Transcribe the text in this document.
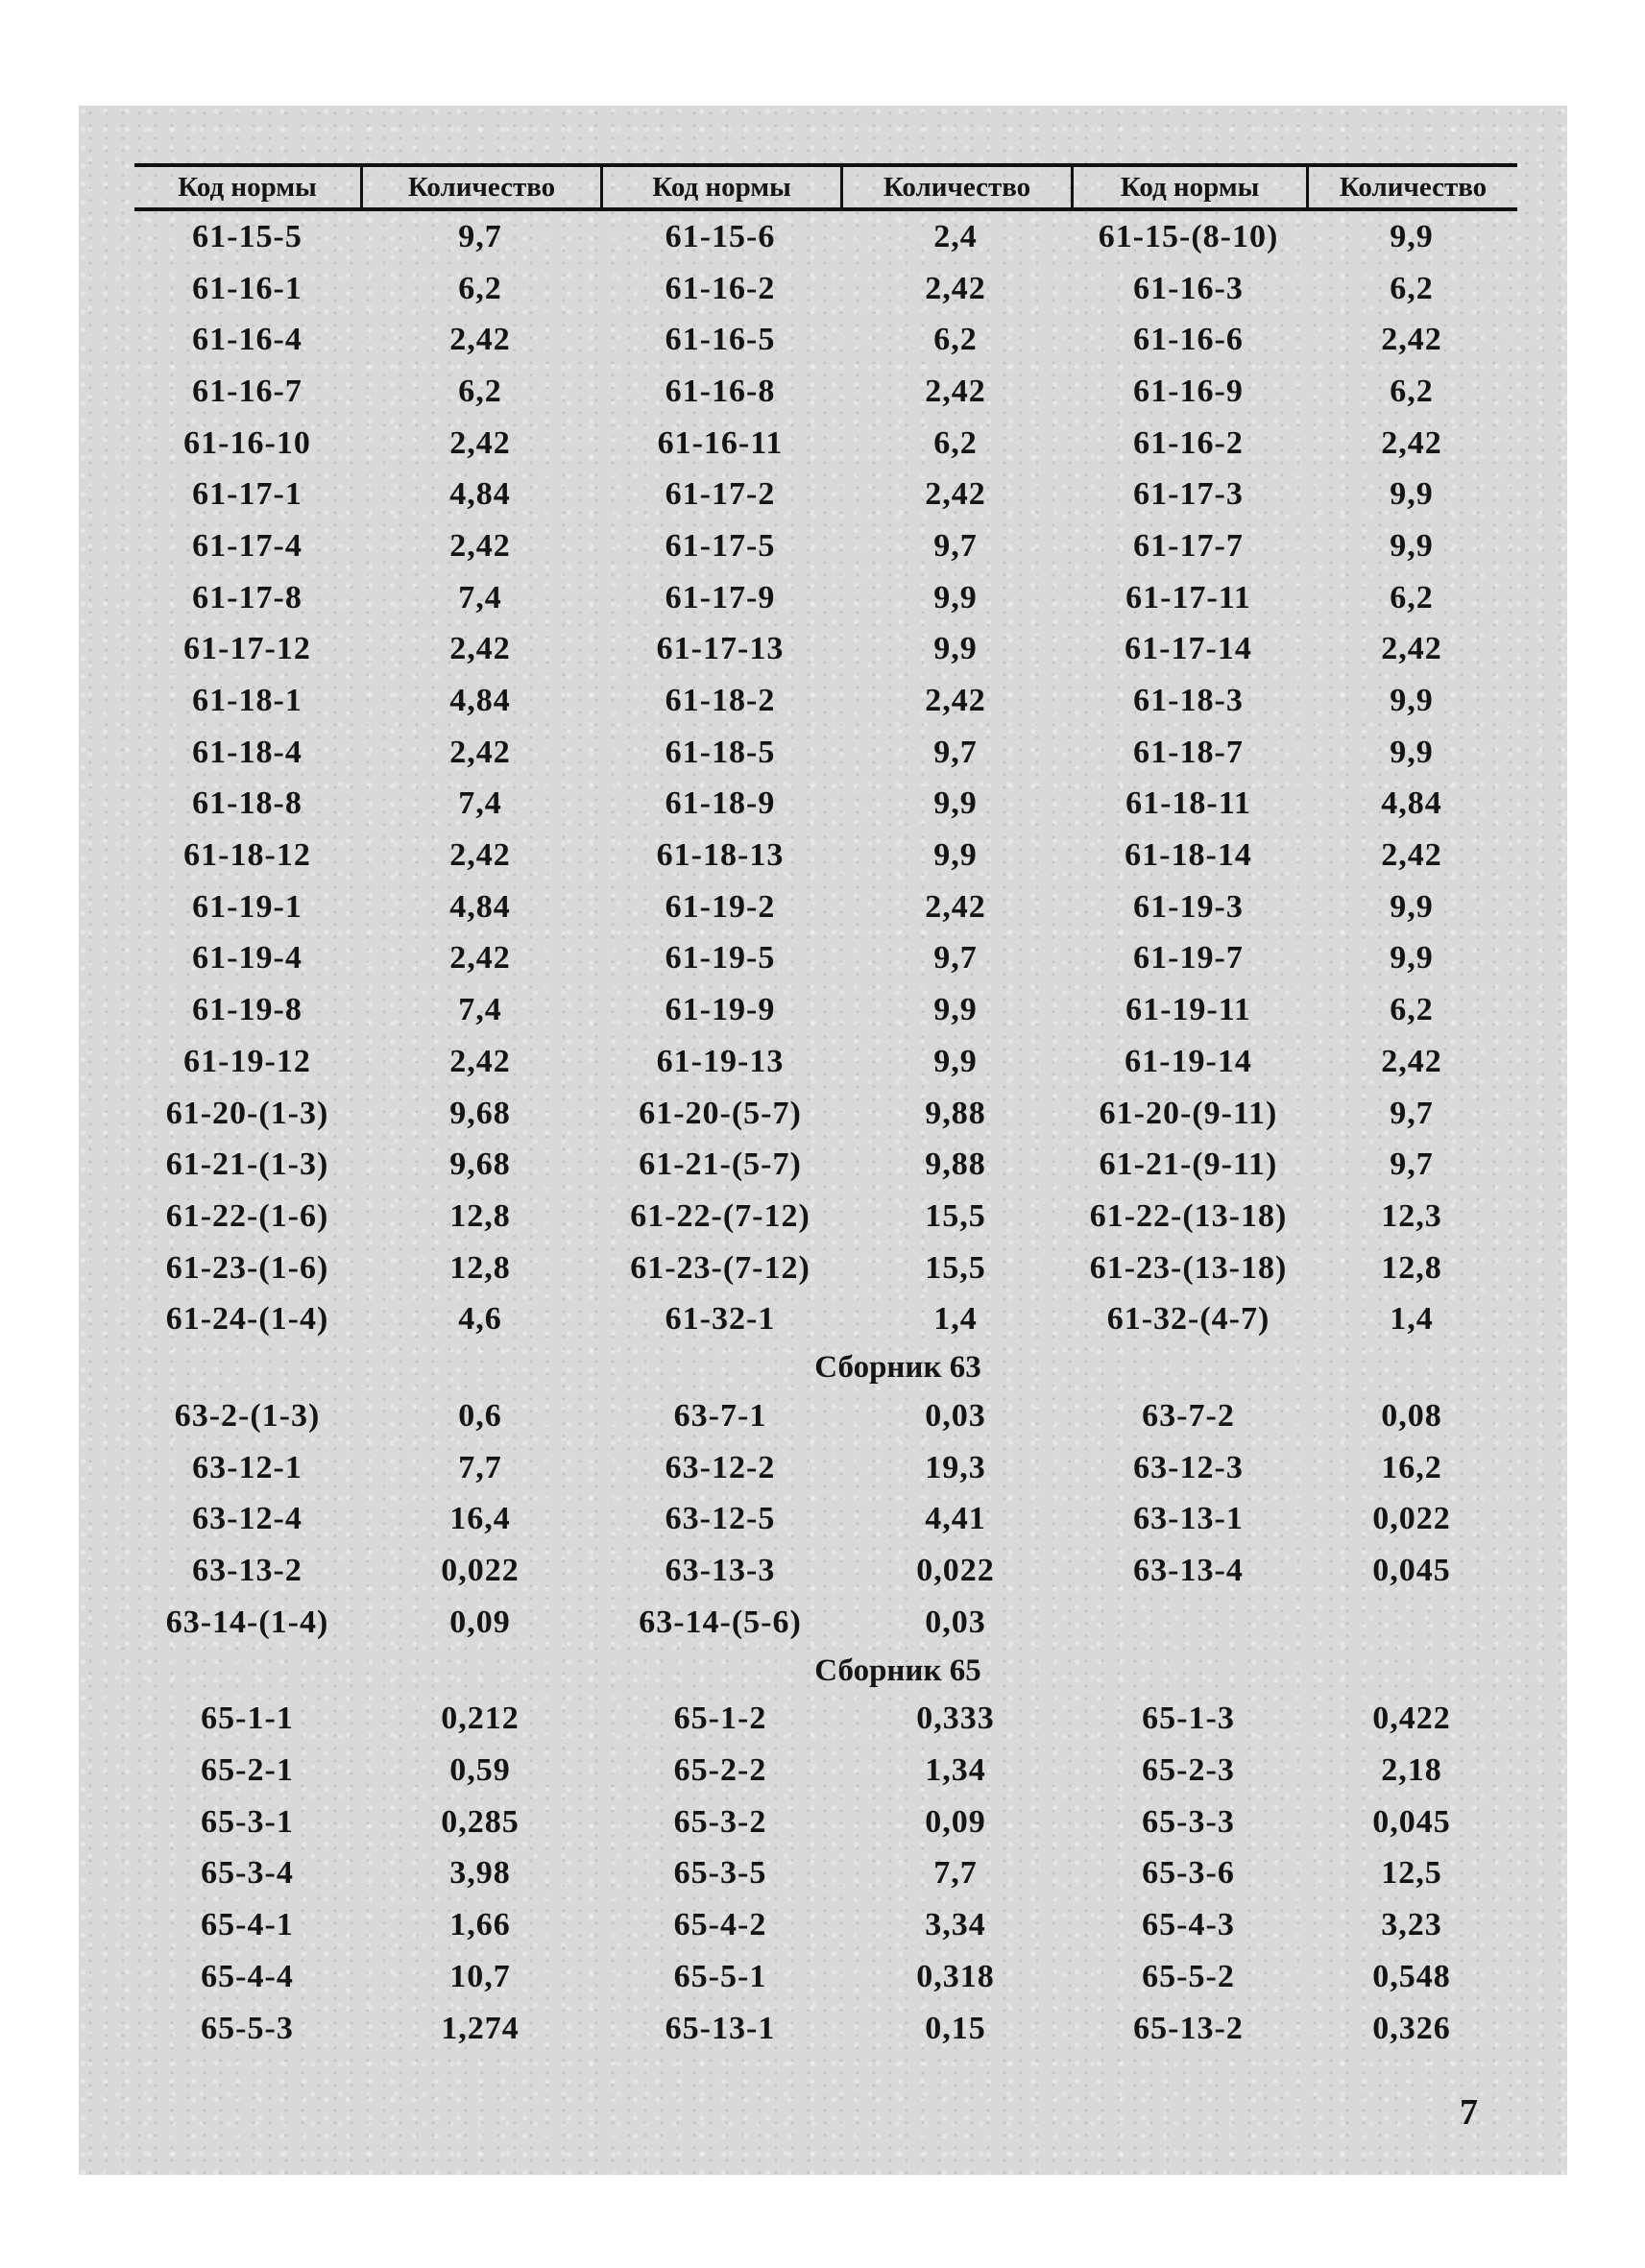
Код нормы	Количество	Код нормы	Количество	Код нормы	Количество
61-15-5	9,7	61-15-6	2,4	61-15-(8-10)	9,9
61-16-1	6,2	61-16-2	2,42	61-16-3	6,2
61-16-4	2,42	61-16-5	6,2	61-16-6	2,42
61-16-7	6,2	61-16-8	2,42	61-16-9	6,2
61-16-10	2,42	61-16-11	6,2	61-16-2	2,42
61-17-1	4,84	61-17-2	2,42	61-17-3	9,9
61-17-4	2,42	61-17-5	9,7	61-17-7	9,9
61-17-8	7,4	61-17-9	9,9	61-17-11	6,2
61-17-12	2,42	61-17-13	9,9	61-17-14	2,42
61-18-1	4,84	61-18-2	2,42	61-18-3	9,9
61-18-4	2,42	61-18-5	9,7	61-18-7	9,9
61-18-8	7,4	61-18-9	9,9	61-18-11	4,84
61-18-12	2,42	61-18-13	9,9	61-18-14	2,42
61-19-1	4,84	61-19-2	2,42	61-19-3	9,9
61-19-4	2,42	61-19-5	9,7	61-19-7	9,9
61-19-8	7,4	61-19-9	9,9	61-19-11	6,2
61-19-12	2,42	61-19-13	9,9	61-19-14	2,42
61-20-(1-3)	9,68	61-20-(5-7)	9,88	61-20-(9-11)	9,7
61-21-(1-3)	9,68	61-21-(5-7)	9,88	61-21-(9-11)	9,7
61-22-(1-6)	12,8	61-22-(7-12)	15,5	61-22-(13-18)	12,3
61-23-(1-6)	12,8	61-23-(7-12)	15,5	61-23-(13-18)	12,8
61-24-(1-4)	4,6	61-32-1	1,4	61-32-(4-7)	1,4
Сборник 63
63-2-(1-3)	0,6	63-7-1	0,03	63-7-2	0,08
63-12-1	7,7	63-12-2	19,3	63-12-3	16,2
63-12-4	16,4	63-12-5	4,41	63-13-1	0,022
63-13-2	0,022	63-13-3	0,022	63-13-4	0,045
63-14-(1-4)	0,09	63-14-(5-6)	0,03
Сборник 65
65-1-1	0,212	65-1-2	0,333	65-1-3	0,422
65-2-1	0,59	65-2-2	1,34	65-2-3	2,18
65-3-1	0,285	65-3-2	0,09	65-3-3	0,045
65-3-4	3,98	65-3-5	7,7	65-3-6	12,5
65-4-1	1,66	65-4-2	3,34	65-4-3	3,23
65-4-4	10,7	65-5-1	0,318	65-5-2	0,548
65-5-3	1,274	65-13-1	0,15	65-13-2	0,326
7
